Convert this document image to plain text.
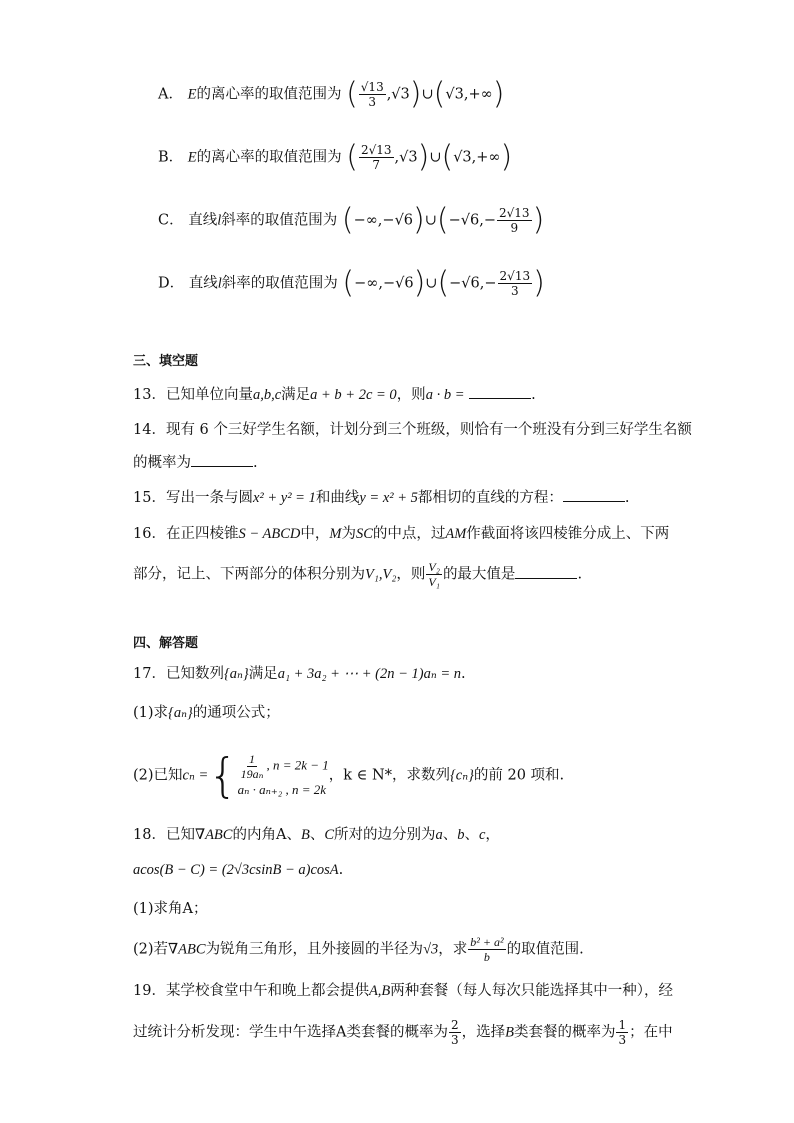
A． E的离心率的取值范围为 ( $\frac{√13}{3}$ ,√3)∪(√3,+∞)
B． E的离心率的取值范围为 ( $\frac{2√13}{7}$ ,√3)∪(√3,+∞)
C． 直线l斜率的取值范围为 (−∞,−√6)∪(−√6,− $\frac{2√13}{9}$ )
D． 直线l斜率的取值范围为 (−∞,−√6)∪(−√6,− $\frac{2√13}{3}$ )
三、填空题
13．已知单位向量a,b,c满足a + b + 2c = 0，则a · b =	.
14．现有 6 个三好学生名额，计划分到三个班级，则恰有一个班没有分到三好学生名额
的概率为	.
15．写出一条与圆x² + y² = 1和曲线y = x² + 5都相切的直线的方程：	.
16．在正四棱锥S − ABCD中，M为SC的中点，过AM作截面将该四棱锥分成上、下两
部分，记上、下两部分的体积分别为V₁,V₂，则 $\frac{\text{V₂}}{\text{V₁}}$ 的最大值是	.
四、解答题
17．已知数列{aₙ}满足a₁ + 3a₂ + ⋯ + (2n − 1)aₙ = n.
(1)求{aₙ}的通项公式；
(2)已知cₙ ={ $\frac{1}{\text{19aₙ}}$ , n = 2k − 1
aₙ · aₙ₊₂ , n = 2k
，k ∈ N*，求数列{cₙ}的前 20 项和.
18．已知∇ABC的内角A、B、C所对的边分别为a、b、c，
acos(B − C) = (2√3csinB − a)cosA.
(1)求角A；
(2)若∇ABC为锐角三角形，且外接圆的半径为√3，求 $\frac{\text{b² + a²}}{b}$ 的取值范围.
19．某学校食堂中午和晚上都会提供A,B两种套餐（每人每次只能选择其中一种），经
过统计分析发现：学生中午选择A类套餐的概率为 $\frac{2}{3}$ ，选择B类套餐的概率为 $\frac{1}{3}$ ；在中
